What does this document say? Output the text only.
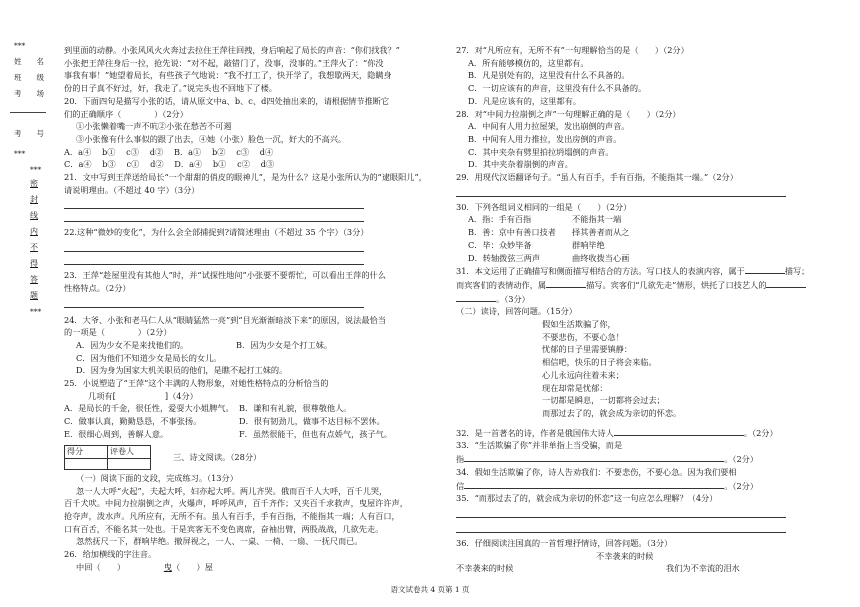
***
姓　　名
班　　级
考　　场
考　　号
***
***
密
封
线
内
不
得
答
题
***

到里面的动静。小张风风火火奔过去拉住王萍往回拽，身后响起了局长的声音：“你们找我？”

小张把王萍往身后一拉，抢先说：“对不起，敲错门了，没事，没事的。”王萍火了：“你没

事我有事！”她望着局长，有些孩子气地说：“我不打工了，快开学了，我想歇两天，隐瞒身

份的日子真不好过，好，我走了。”说完头也不回地下了楼。

20．下面四句是描写小张的话，请从原文中a、b、c、d四处抽出来的，请根据情节推断它

们的正确顺序（　　　　）（2分）

①小张懒着嘴一声不吭②小张在愁苦不可遏

③小张像有什么事似的跟了出去，④她（小张）脸色一沉，好大的不高兴。

A．a④　 b①　 c③　 d②　 B．a①　 b②　 c③　 d④

C．a④　 b③　 c①　 d②　 D．a④　 b①　 c②　 d③

21．文中写到王萍送给局长“一个甜甜的俏皮的眼神儿”，是为什么？这是小张所认为的“逮眼阳儿”，

请说明理由。（不超过 40 字）（3分）

22.这种“微妙的变化”，为什么会全部捕捉到?请简述理由（不超过 35 个字）（3分）

23．王萍“趁屋里没有其他人”时，并“试探性地问”小张要不要帮忙，可以看出王萍的什么

性格特点。（2分）

24．大爷、小张和老马仁人从“眼睛猛然一亮”到“目光渐渐暗淡下来”的原因，说法最恰当

的一项是（　　　　）（2分）

A．因为少女不是来找他们的。	B．因为少女是个打工妹。

C．因为他们不知道少女是局长的女儿。

D．因为身为国家大机关职员的他们，是瞧不起打工妹的。

25．小说塑造了“王萍”这个丰满的人物形象，对她性格特点的分析恰当的

几项有[　　　　　　]（4分）

A．是局长的千金，很任性，爱耍大小姐脾气。 B．谦和有礼貌，很尊敬他人。
C．做事认真，勤勤恳恳，不事张扬。	D．很有韧劲儿，做事不达目标不罢休。
E．很细心周到，善解人意。	F．虽然很能干，但也有点娇气，孩子气。
得分	评卷人

三、诗文阅读。（28分）

（一）阅读下面的文段，完成练习。（13分）

忽一人大呼“火起”，夫起大呼，妇亦起大呼。两儿齐哭。俄而百千人大呼，百千儿哭，

百千犬吠。中间力拉崩倒之声，火爆声，呼呼风声，百千齐作；又夹百千求救声，曳屋许许声，

抢夺声，泼水声。凡所应有，无所不有。虽人有百手，手有百指，不能指其一端；人有百口，

口有百舌，不能名其一处也。于是宾客无不变色离席，奋袖出臂，两股战战，几欲先走。

忽然抚尺一下，群响毕绝。撤屏视之，一人、一桌、一椅、一扇、一抚尺而已。

26．给加横线的字注音。

中回（　　）	曳（　　）屋

27．对“凡所应有，无所不有”一句理解恰当的是（　　）（2分）

A．所有能够模仿的，这里都有。

B．凡是别处有的，这里没有什么不具备的。

C．一切应该有的声音，这里没有什么不具备的。

D．凡是应该有的，这里都有。

28．对“中间力拉崩倒之声”一句理解正确的是（　　）（2分）

A．中间有人用力拉屋架，发出崩倒的声音。

B．中间有人用力推拉，发出房倒的声音。

C．其中夹杂有劈里拍拉坍塌倒的声音。

D．其中夹杂着崩倒的声音。

29．用现代汉语翻译句子。“虽人有百手，手有百指，不能指其一端。”（2分）

30．下列各组词义相同的一组是（　　）（2分）

A．指：手有百指	不能指其一端
B．善：京中有善口技者	择其善者而从之
C．毕：众妙毕备	群响毕绝
D．转轴拨弦三两声	曲终收拨当心画

31．本文运用了正确描写和侧面描写相结合的方法。写口技人的表演内容，属于	描写；

而宾客们的表情动作，属	描写。宾客们“几欲先走”情形，烘托了口技艺人的

。（3分）

（二）读诗，回答问题。（15分）

假如生活欺骗了你，

不要悲伤，不要心急！

忧郁的日子里需要镇静：

相信吧，快乐的日子将会来临。

心儿永远向往着未来；

现在却常是忧郁：

一切都是瞬息，一切都将会过去；

而那过去了的，就会成为亲切的怀恋。

32．是一首著名的诗，作者是俄国伟大诗人	。（2分）

33．“生活欺骗了你”并非单指上当受骗，而是

指	。（2分）

34．假如生活欺骗了你，诗人告劝我们：不要悲伤，不要心急。因为我们要相

信	。（2分）

35．“而那过去了的，就会成为亲切的怀恋”这一句应怎么理解？（4分）

36．仔细阅读注国真的一首哲理抒情诗，回答问题。（3分）

不幸袭来的时候

不幸袭来的时候	我们为不幸流的泪水
语文试卷共 4 页第 1 页
